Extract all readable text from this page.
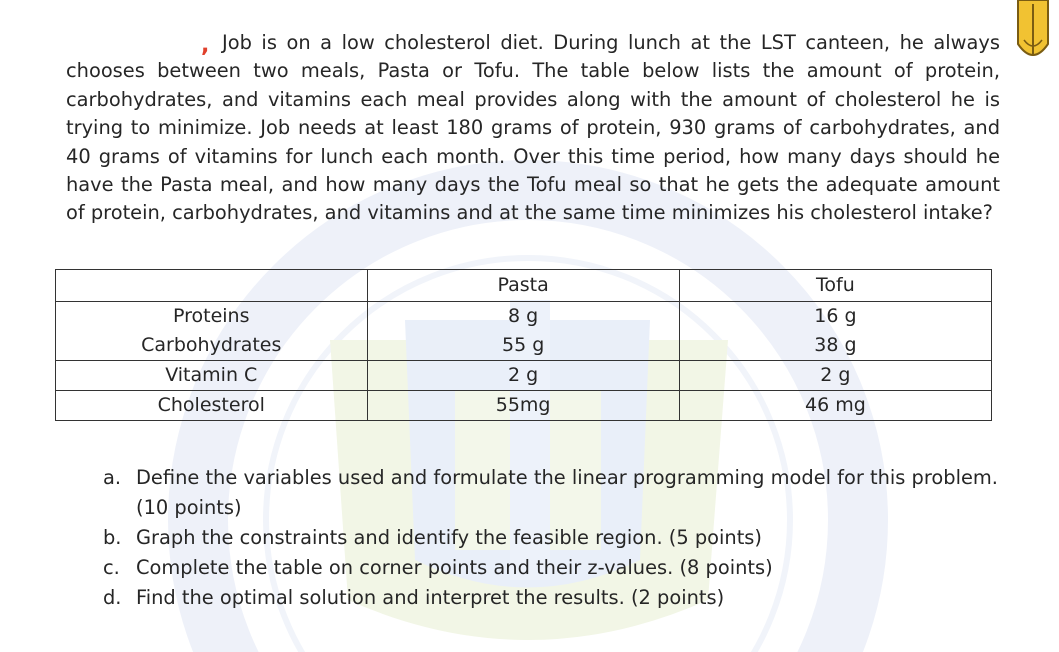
, Job is on a low cholesterol diet. During lunch at the LST canteen, he always chooses between two meals, Pasta or Tofu. The table below lists the amount of protein, carbohydrates, and vitamins each meal provides along with the amount of cholesterol he is trying to minimize. Job needs at least 180 grams of protein, 930 grams of carbohydrates, and 40 grams of vitamins for lunch each month. Over this time period, how many days should he have the Pasta meal, and how many days the Tofu meal so that he gets the adequate amount of protein, carbohydrates, and vitamins and at the same time minimizes his cholesterol intake?
	Pasta	Tofu
Proteins	8 g	16 g
Carbohydrates	55 g	38 g
Vitamin C	2 g	2 g
Cholesterol	55mg	46 mg
a. Define the variables used and formulate the linear programming model for this problem. (10 points)
b. Graph the constraints and identify the feasible region. (5 points)
c. Complete the table on corner points and their z-values. (8 points)
d. Find the optimal solution and interpret the results. (2 points)
